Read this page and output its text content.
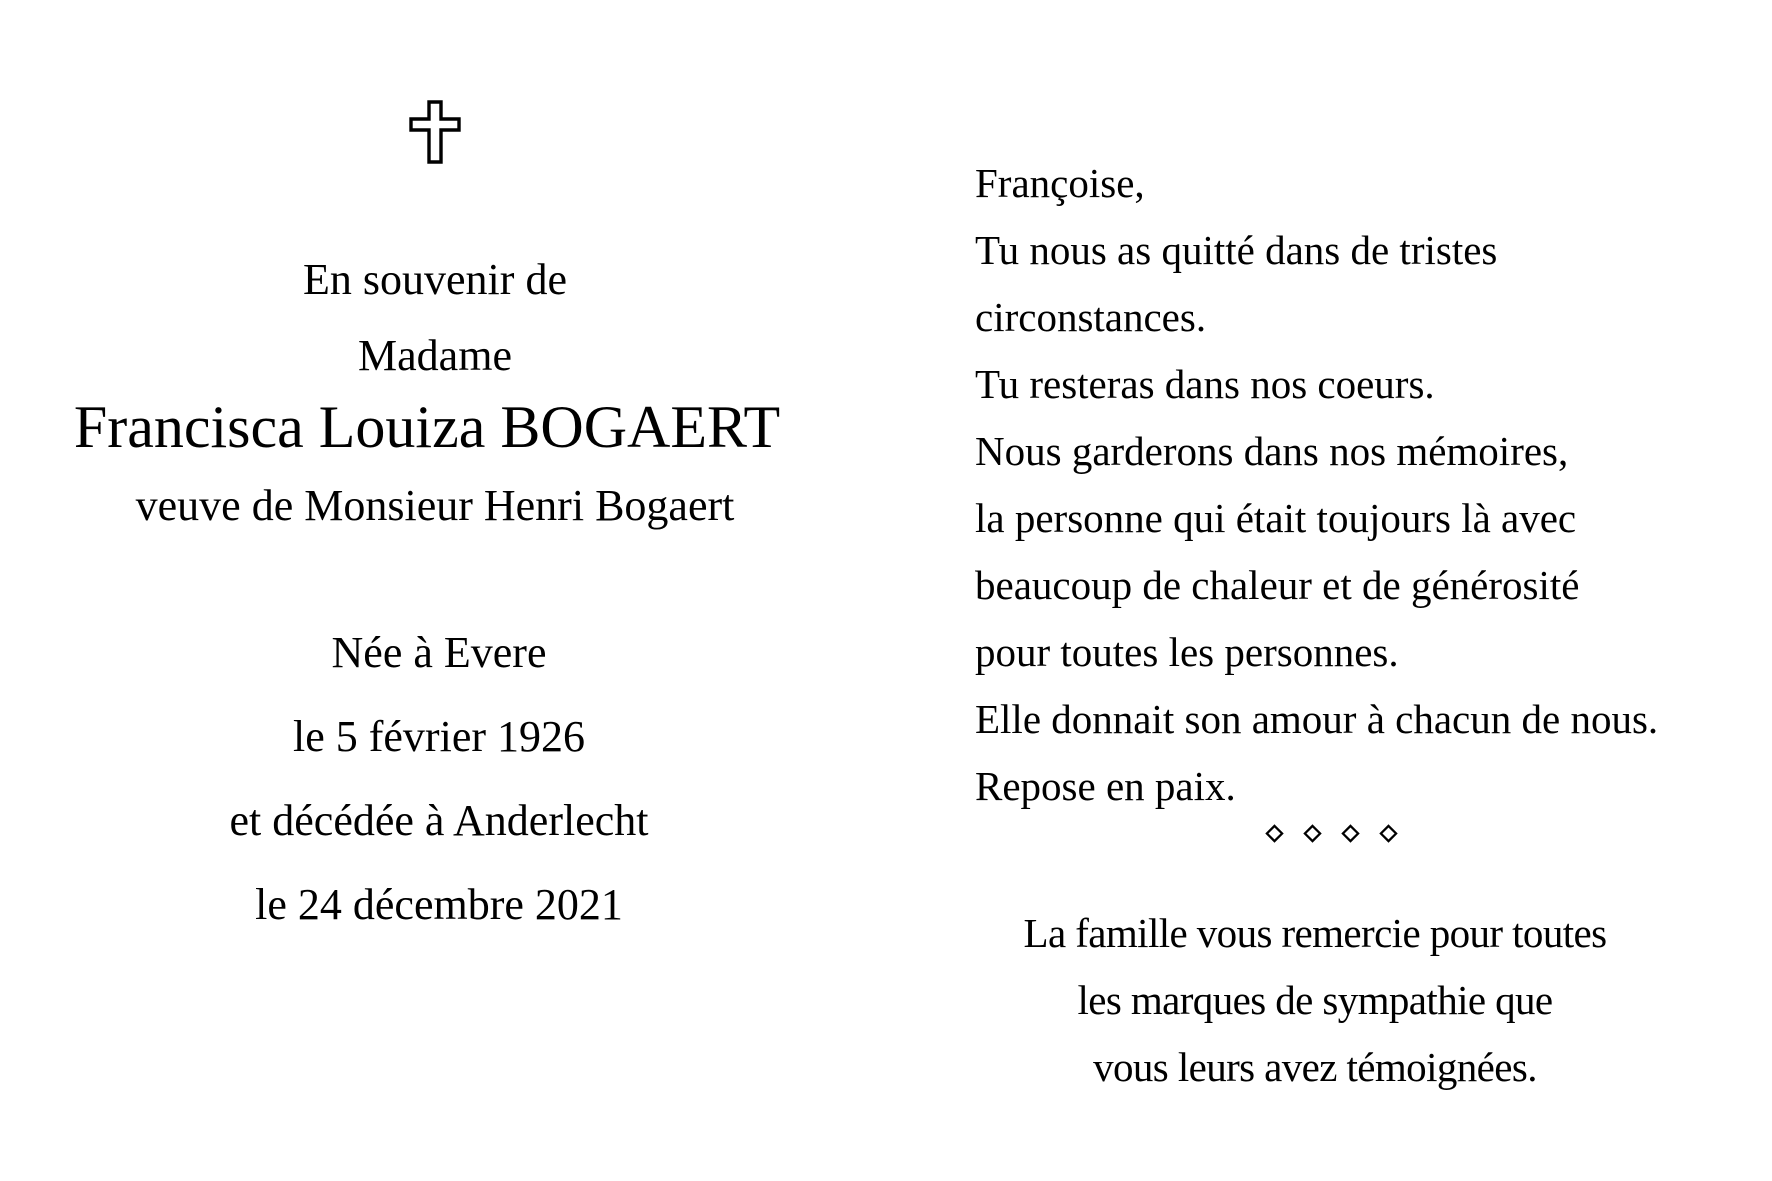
En souvenir de
Madame
Francisca Louiza BOGAERT
veuve de Monsieur Henri Bogaert
Née à Evere
le 5 février 1926
et décédée à Anderlecht
le 24 décembre 2021
Françoise,
Tu nous as quitté dans de tristes
circonstances.
Tu resteras dans nos coeurs.
Nous garderons dans nos mémoires,
la personne qui était toujours là avec
beaucoup de chaleur et de générosité
pour toutes les personnes.
Elle donnait son amour à chacun de nous.
Repose en paix.
La famille vous remercie pour toutes
les marques de sympathie que
vous leurs avez témoignées.
